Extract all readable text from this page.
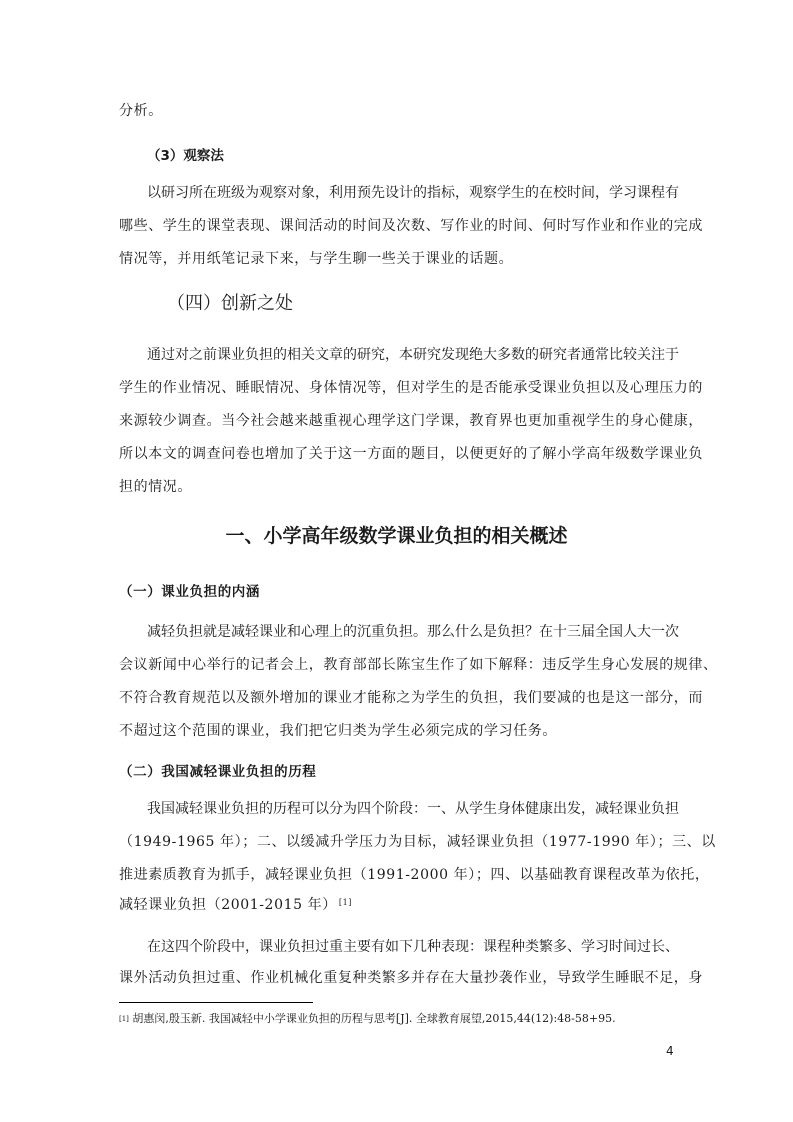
分析。
（3）观察法
以研习所在班级为观察对象，利用预先设计的指标，观察学生的在校时间，学习课程有
哪些、学生的课堂表现、课间活动的时间及次数、写作业的时间、何时写作业和作业的完成
情况等，并用纸笔记录下来，与学生聊一些关于课业的话题。
（四）创新之处
通过对之前课业负担的相关文章的研究，本研究发现绝大多数的研究者通常比较关注于
学生的作业情况、睡眠情况、身体情况等，但对学生的是否能承受课业负担以及心理压力的
来源较少调查。当今社会越来越重视心理学这门学课，教育界也更加重视学生的身心健康，
所以本文的调查问卷也增加了关于这一方面的题目，以便更好的了解小学高年级数学课业负
担的情况。
一、小学高年级数学课业负担的相关概述
（一）课业负担的内涵
减轻负担就是减轻课业和心理上的沉重负担。那么什么是负担？在十三届全国人大一次
会议新闻中心举行的记者会上，教育部部长陈宝生作了如下解释：违反学生身心发展的规律、
不符合教育规范以及额外增加的课业才能称之为学生的负担，我们要减的也是这一部分，而
不超过这个范围的课业，我们把它归类为学生必须完成的学习任务。
（二）我国减轻课业负担的历程
我国减轻课业负担的历程可以分为四个阶段：一、从学生身体健康出发，减轻课业负担
（1949-1965 年）；二、以缓减升学压力为目标，减轻课业负担（1977-1990 年）；三、以
推进素质教育为抓手，减轻课业负担（1991-2000 年）；四、以基础教育课程改革为依托，
减轻课业负担（2001-2015 年） [1]
在这四个阶段中，课业负担过重主要有如下几种表现：课程种类繁多、学习时间过长、
课外活动负担过重、作业机械化重复种类繁多并存在大量抄袭作业，导致学生睡眠不足，身
[1] 胡惠闵,殷玉新. 我国减轻中小学课业负担的历程与思考[J]. 全球教育展望,2015,44(12):48-58+95.
4
